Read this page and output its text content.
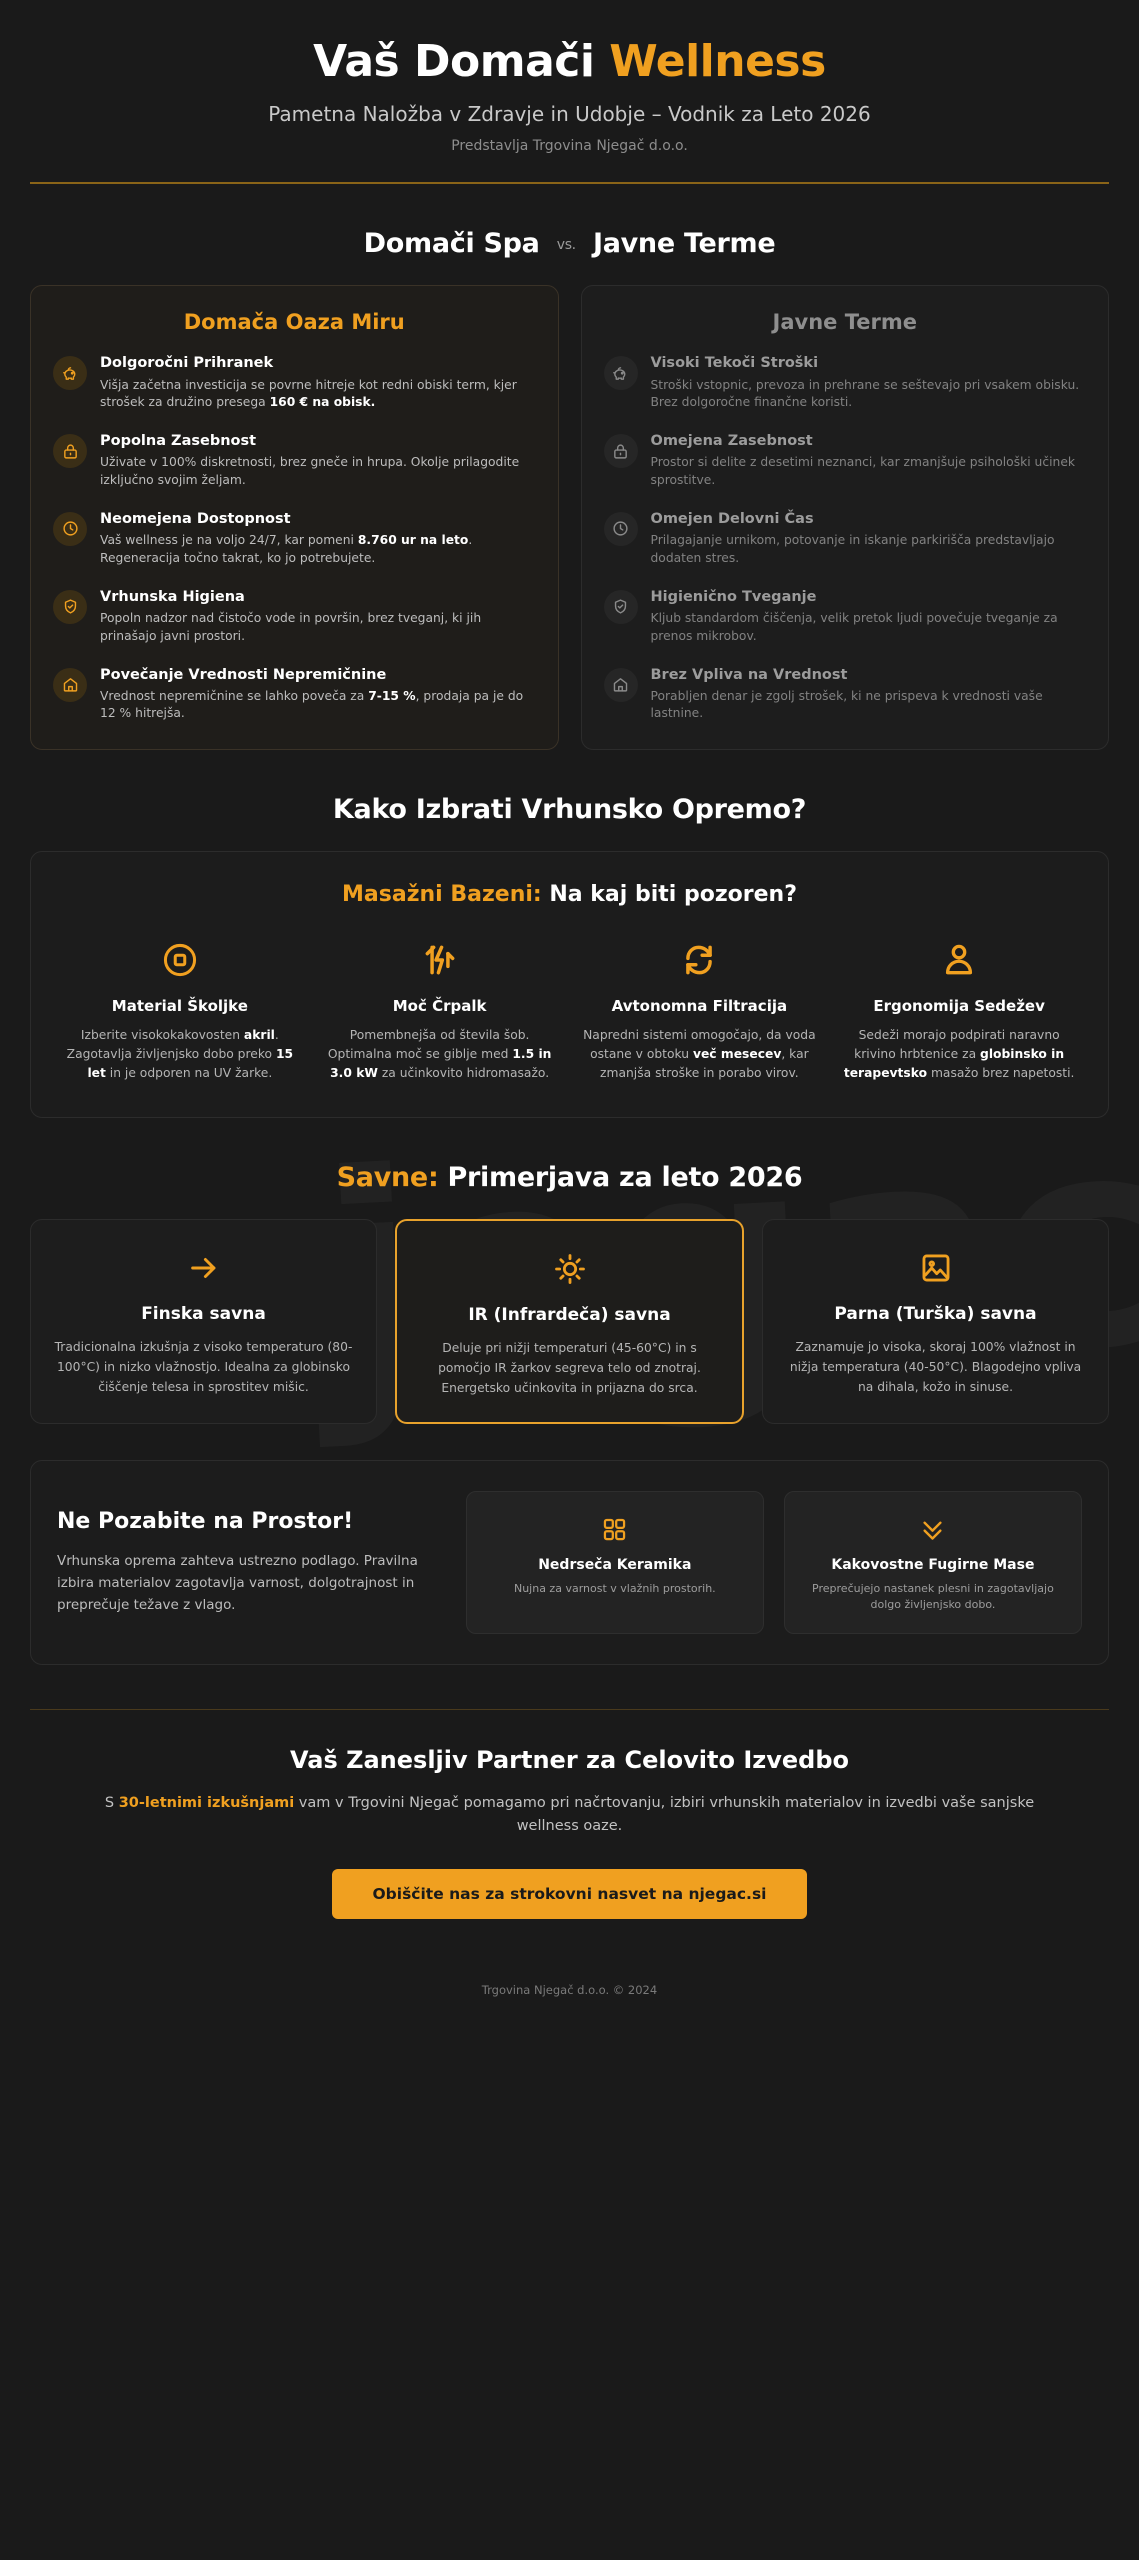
Vaš Domači Wellness
Pametna Naložba v Zdravje in Udobje – Vodnik za Leto 2026
Predstavlja Trgovina Njegač d.o.o.
Domači Spa vs. Javne Terme
Domača Oaza Miru
Dolgoročni Prihranek
Višja začetna investicija se povrne hitreje kot redni obiski term, kjer strošek za družino presega 160 € na obisk.
Popolna Zasebnost
Uživate v 100% diskretnosti, brez gneče in hrupa. Okolje prilagodite izključno svojim željam.
Neomejena Dostopnost
Vaš wellness je na voljo 24/7, kar pomeni 8.760 ur na leto. Regeneracija točno takrat, ko jo potrebujete.
Vrhunska Higiena
Popoln nadzor nad čistočo vode in površin, brez tveganj, ki jih prinašajo javni prostori.
Povečanje Vrednosti Nepremičnine
Vrednost nepremičnine se lahko poveča za 7-15 %, prodaja pa je do 12 % hitrejša.
Javne Terme
Visoki Tekoči Stroški
Stroški vstopnic, prevoza in prehrane se seštevajo pri vsakem obisku. Brez dolgoročne finančne koristi.
Omejena Zasebnost
Prostor si delite z desetimi neznanci, kar zmanjšuje psihološki učinek sprostitve.
Omejen Delovni Čas
Prilagajanje urnikom, potovanje in iskanje parkirišča predstavljajo dodaten stres.
Higienično Tveganje
Kljub standardom čiščenja, velik pretok ljudi povečuje tveganje za prenos mikrobov.
Brez Vpliva na Vrednost
Porabljen denar je zgolj strošek, ki ne prispeva k vrednosti vaše lastnine.
Kako Izbrati Vrhunsko Opremo?
Masažni Bazeni: Na kaj biti pozoren?
Material Školjke

Izberite visokokakovosten akril. Zagotavlja življenjsko dobo preko 15 let in je odporen na UV žarke.

Moč Črpalk

Pomembnejša od števila šob. Optimalna moč se giblje med 1.5 in 3.0 kW za učinkovito hidromasažo.

Avtonomna Filtracija

Napredni sistemi omogočajo, da voda ostane v obtoku več mesecev, kar zmanjša stroške in porabo virov.

Ergonomija Sedežev

Sedeži morajo podpirati naravno krivino hrbtenice za globinsko in terapevtsko masažo brez napetosti.

Savne: Primerjava za leto 2026
Finska savna

Tradicionalna izkušnja z visoko temperaturo (80-100°C) in nizko vlažnostjo. Idealna za globinsko čiščenje telesa in sprostitev mišic.

IR (Infrardeča) savna

Deluje pri nižji temperaturi (45-60°C) in s pomočjo IR žarkov segreva telo od znotraj. Energetsko učinkovita in prijazna do srca.

Parna (Turška) savna

Zaznamuje jo visoka, skoraj 100% vlažnost in nižja temperatura (40-50°C). Blagodejno vpliva na dihala, kožo in sinuse.

Ne Pozabite na Prostor!

Vrhunska oprema zahteva ustrezno podlago. Pravilna izbira materialov zagotavlja varnost, dolgotrajnost in preprečuje težave z vlago.

Nedrseča Keramika

Nujna za varnost v vlažnih prostorih.

Kakovostne Fugirne Mase

Preprečujejo nastanek plesni in zagotavljajo dolgo življenjsko dobo.

Vaš Zanesljiv Partner za Celovito Izvedbo

S 30-letnimi izkušnjami vam v Trgovini Njegač pomagamo pri načrtovanju, izbiri vrhunskih materialov in izvedbi vaše sanjske wellness oaze.

Obiščite nas za strokovni nasvet na njegac.si
Trgovina Njegač d.o.o. © 2024
